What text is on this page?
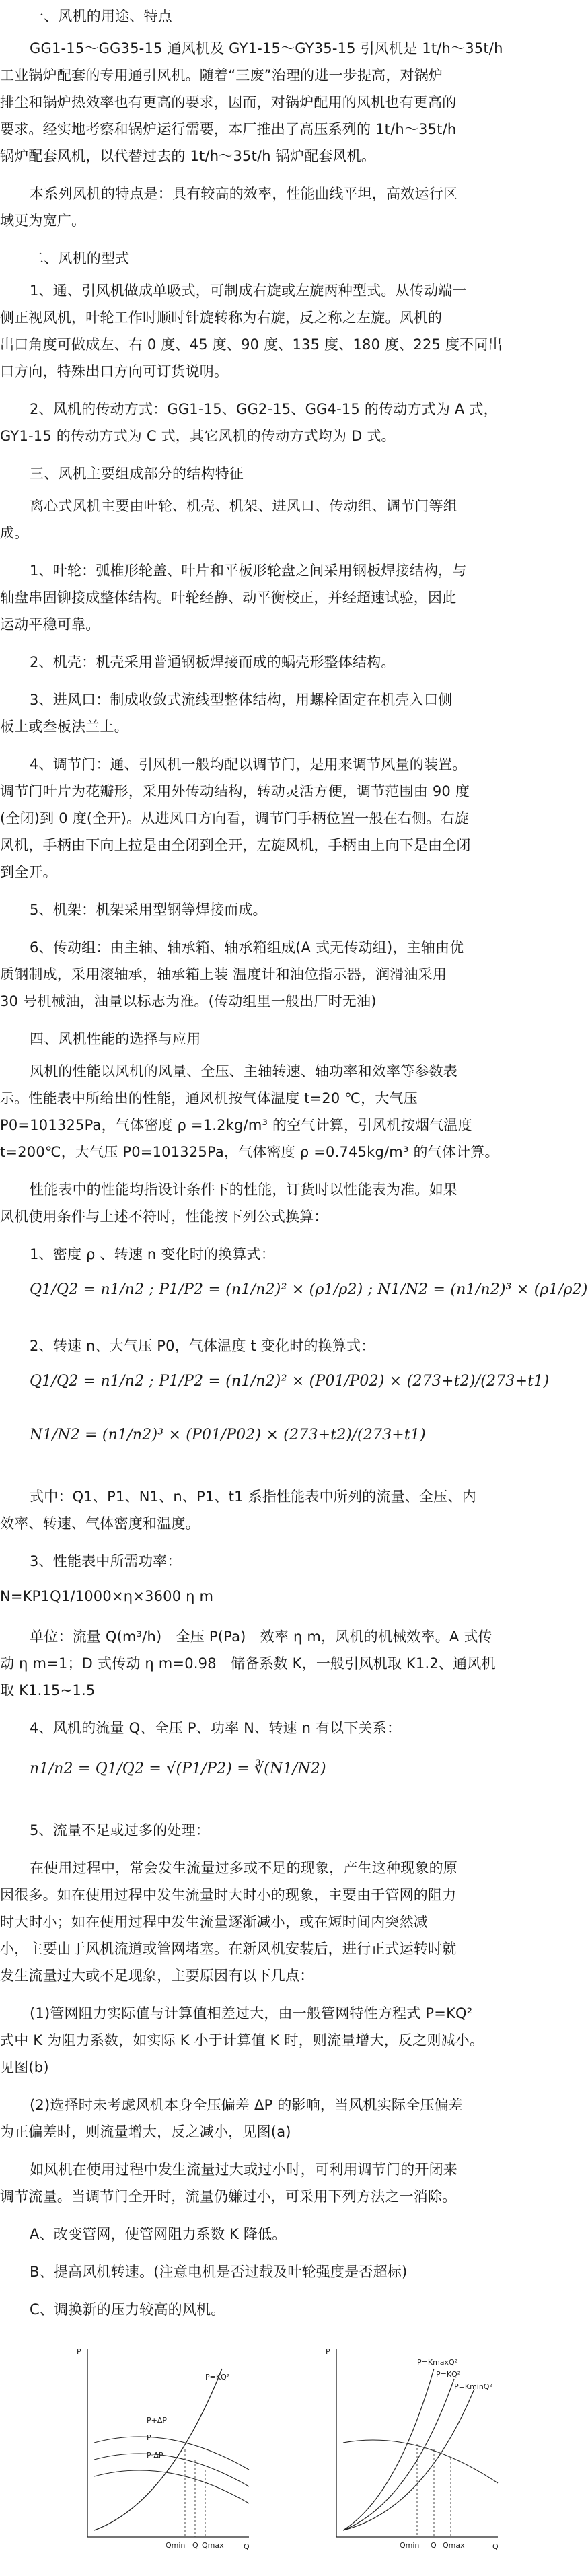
一、风机的用途、特点
GG1-15～GG35-15 通风机及 GY1-15～GY35-15 引风机是 1t/h～35t/h
工业锅炉配套的专用通引风机。随着“三废”治理的进一步提高，对锅炉
排尘和锅炉热效率也有更高的要求，因而，对锅炉配用的风机也有更高的
要求。经实地考察和锅炉运行需要，本厂推出了高压系列的 1t/h～35t/h
锅炉配套风机，以代替过去的 1t/h～35t/h 锅炉配套风机。
本系列风机的特点是：具有较高的效率，性能曲线平坦，高效运行区
域更为宽广。
二、风机的型式
1、通、引风机做成单吸式，可制成右旋或左旋两种型式。从传动端一
侧正视风机，叶轮工作时顺时针旋转称为右旋，反之称之左旋。风机的
出口角度可做成左、右 0 度、45 度、90 度、135 度、180 度、225 度不同出
口方向，特殊出口方向可订货说明。
2、风机的传动方式：GG1-15、GG2-15、GG4-15 的传动方式为 A 式，
GY1-15 的传动方式为 C 式，其它风机的传动方式均为 D 式。
三、风机主要组成部分的结构特征
离心式风机主要由叶轮、机壳、机架、进风口、传动组、调节门等组
成。
1、叶轮：弧椎形轮盖、叶片和平板形轮盘之间采用钢板焊接结构，与
轴盘串固铆接成整体结构。叶轮经静、动平衡校正，并经超速试验，因此
运动平稳可靠。
2、机壳：机壳采用普通钢板焊接而成的蜗壳形整体结构。
3、进风口：制成收敛式流线型整体结构，用螺栓固定在机壳入口侧
板上或叁板法兰上。
4、调节门：通、引风机一般均配以调节门，是用来调节风量的装置。
调节门叶片为花瓣形，采用外传动结构，转动灵活方便，调节范围由 90 度
(全闭)到 0 度(全开)。从进风口方向看，调节门手柄位置一般在右侧。右旋
风机，手柄由下向上拉是由全闭到全开，左旋风机，手柄由上向下是由全闭
到全开。
5、机架：机架采用型钢等焊接而成。
6、传动组：由主轴、轴承箱、轴承箱组成(A 式无传动组)，主轴由优
质钢制成，采用滚轴承，轴承箱上装 温度计和油位指示器，润滑油采用
30 号机械油，油量以标志为准。(传动组里一般出厂时无油)
四、风机性能的选择与应用
风机的性能以风机的风量、全压、主轴转速、轴功率和效率等参数表
示。性能表中所给出的性能，通风机按气体温度 t=20 ℃，大气压
P0=101325Pa，气体密度 ρ =1.2kg/m³ 的空气计算，引风机按烟气温度
t=200℃，大气压 P0=101325Pa，气体密度 ρ =0.745kg/m³ 的气体计算。
性能表中的性能均指设计条件下的性能，订货时以性能表为准。如果
风机使用条件与上述不符时，性能按下列公式换算：
1、密度 ρ 、转速 n 变化时的换算式：
Q1/Q2 = n1/n2 ; P1/P2 = (n1/n2)² × (ρ1/ρ2) ; N1/N2 = (n1/n2)³ × (ρ1/ρ2)
2、转速 n、大气压 P0，气体温度 t 变化时的换算式：
Q1/Q2 = n1/n2 ; P1/P2 = (n1/n2)² × (P01/P02) × (273+t2)/(273+t1)
N1/N2 = (n1/n2)³ × (P01/P02) × (273+t2)/(273+t1)
式中：Q1、P1、N1、n、P1、t1 系指性能表中所列的流量、全压、内
效率、转速、气体密度和温度。
3、性能表中所需功率：
N=KP1Q1/1000×η×3600 η m
单位：流量 Q(m³/h)　全压 P(Pa)　效率 η m，风机的机械效率。A 式传
动 η m=1；D 式传动 η m=0.98　储备系数 K，一般引风机取 K1.2、通风机
取 K1.15~1.5
4、风机的流量 Q、全压 P、功率 N、转速 n 有以下关系：
n1/n2 = Q1/Q2 = √(P1/P2) = ∛(N1/N2)
5、流量不足或过多的处理：
在使用过程中，常会发生流量过多或不足的现象，产生这种现象的原
因很多。如在使用过程中发生流量时大时小的现象，主要由于管网的阻力
时大时小；如在使用过程中发生流量逐渐减小，或在短时间内突然减
小，主要由于风机流道或管网堵塞。在新风机安装后，进行正式运转时就
发生流量过大或不足现象，主要原因有以下几点：
(1)管网阻力实际值与计算值相差过大，由一般管网特性方程式 P=KQ²
式中 K 为阻力系数，如实际 K 小于计算值 K 时，则流量增大，反之则减小。
见图(b)
(2)选择时未考虑风机本身全压偏差 ΔP 的影响，当风机实际全压偏差
为正偏差时，则流量增大，反之减小，见图(a)
如风机在使用过程中发生流量过大或过小时，可利用调节门的开闭来
调节流量。当调节门全开时，流量仍嫌过小，可采用下列方法之一消除。
A、改变管网，使管网阻力系数 K 降低。
B、提高风机转速。(注意电机是否过载及叶轮强度是否超标)
C、调换新的压力较高的风机。
P
Q
P=KQ²
P+ΔP
P
P-ΔP
Qmin Q Qmax
P
Q
P=KmaxQ²
P=KQ²
P=KminQ²
Qmin Q Qmax
